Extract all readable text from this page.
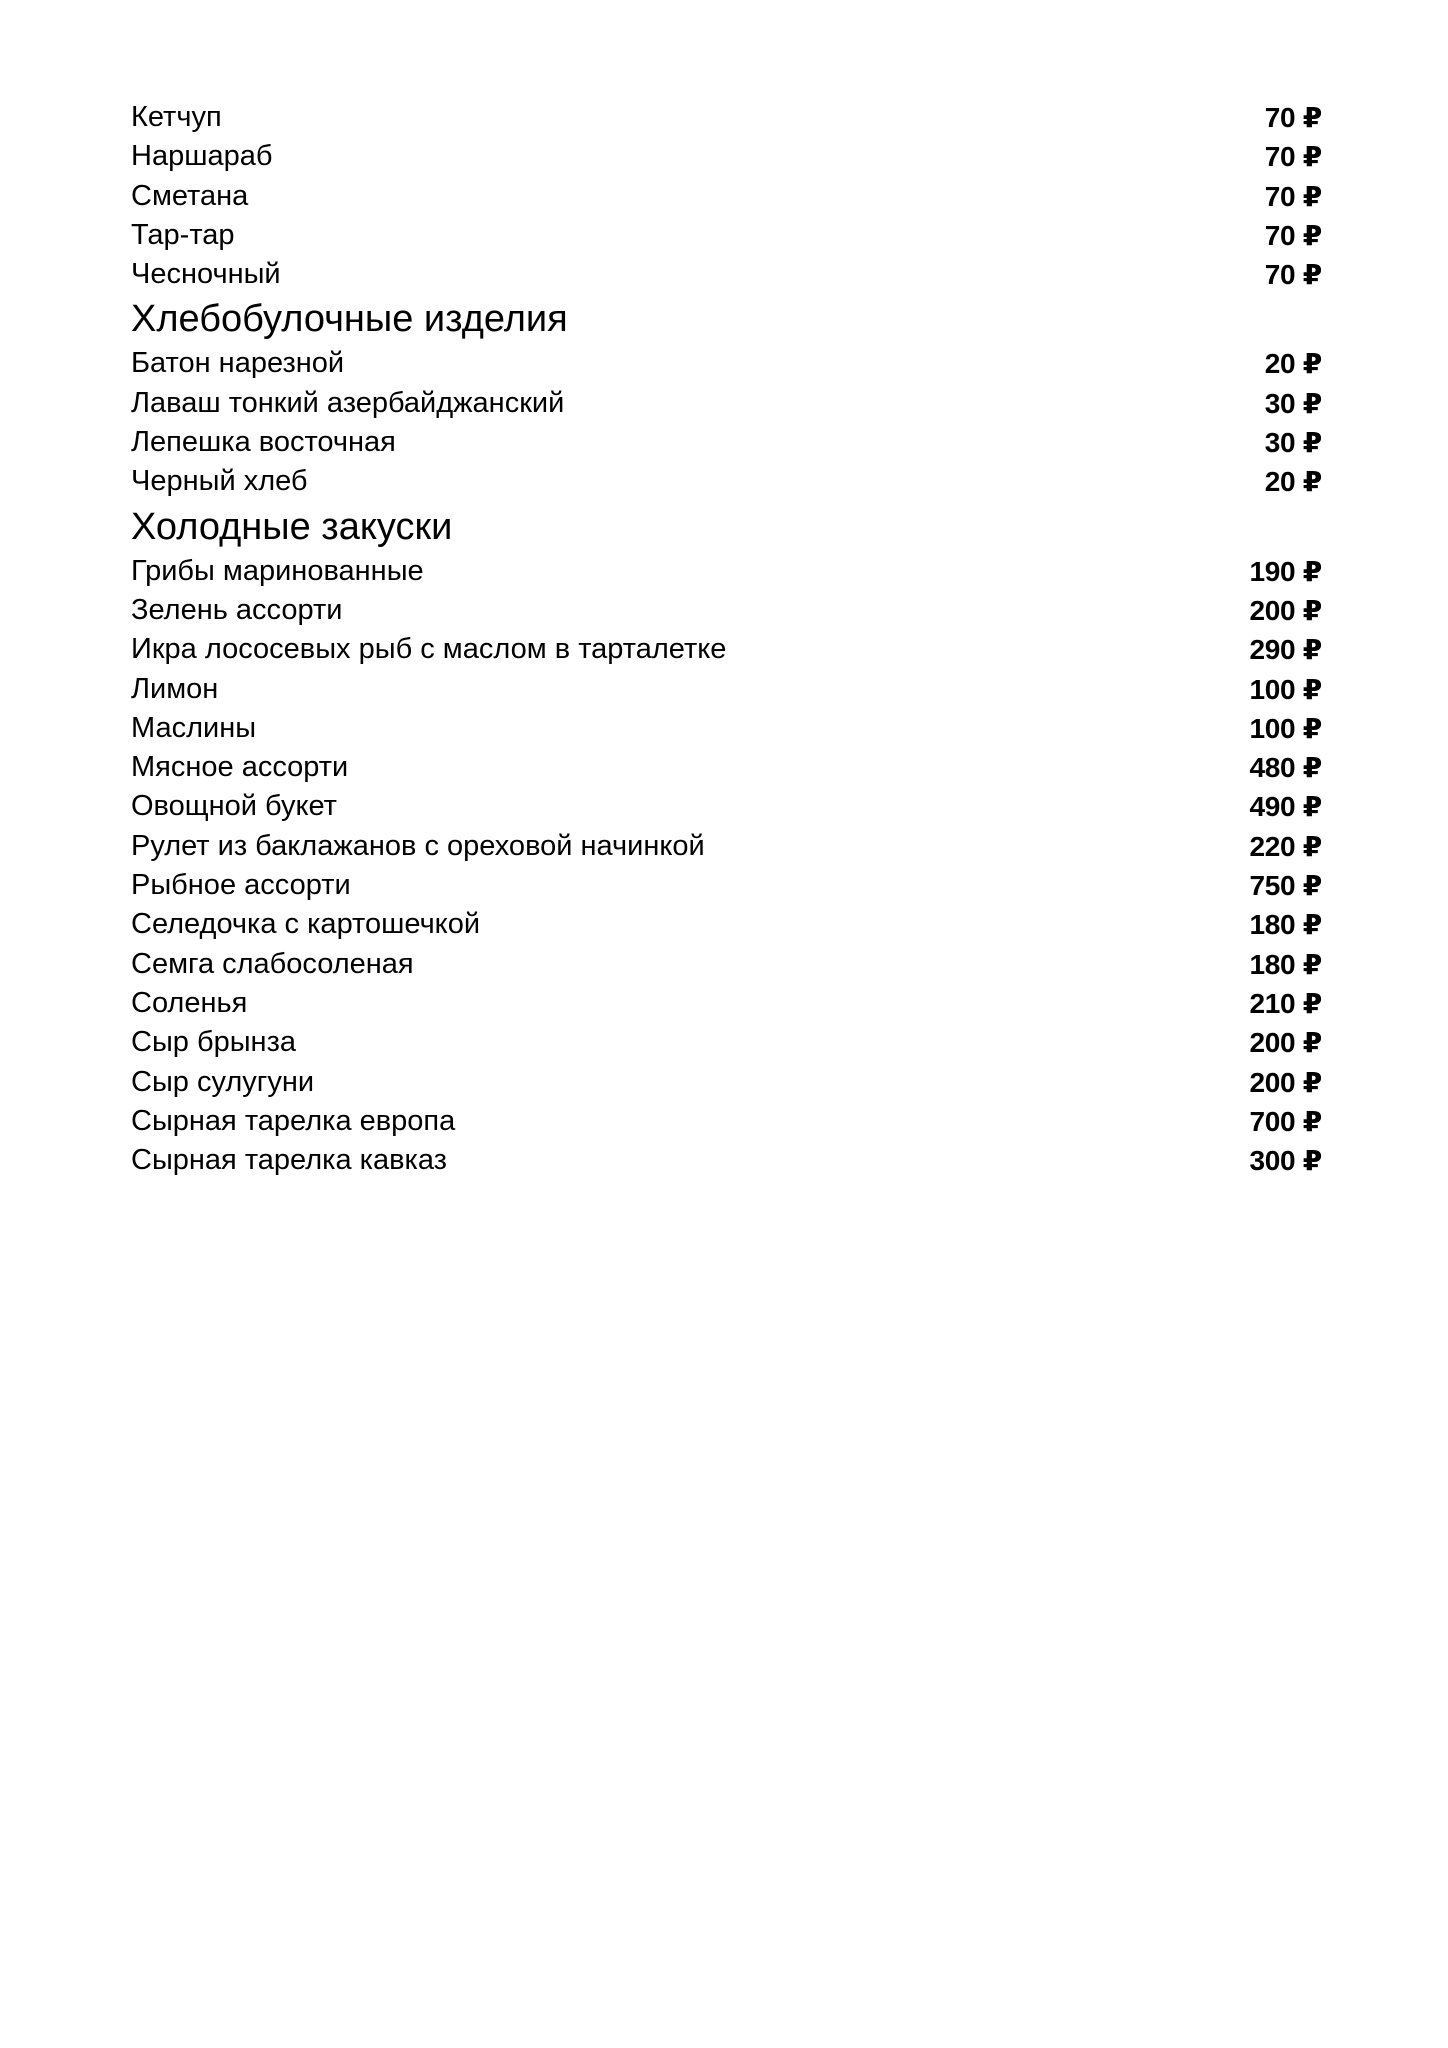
Кетчуп	70 ₽
Наршараб	70 ₽
Сметана	70 ₽
Тар-тар	70 ₽
Чесночный	70 ₽
Хлебобулочные изделия
Батон нарезной	20 ₽
Лаваш тонкий азербайджанский	30 ₽
Лепешка восточная	30 ₽
Черный хлеб	20 ₽
Холодные закуски
Грибы маринованные	190 ₽
Зелень ассорти	200 ₽
Икра лососевых рыб с маслом в тарталетке	290 ₽
Лимон	100 ₽
Маслины	100 ₽
Мясное ассорти	480 ₽
Овощной букет	490 ₽
Рулет из баклажанов с ореховой начинкой	220 ₽
Рыбное ассорти	750 ₽
Селедочка с картошечкой	180 ₽
Семга слабосоленая	180 ₽
Соленья	210 ₽
Сыр брынза	200 ₽
Сыр сулугуни	200 ₽
Сырная тарелка европа	700 ₽
Сырная тарелка кавказ	300 ₽
